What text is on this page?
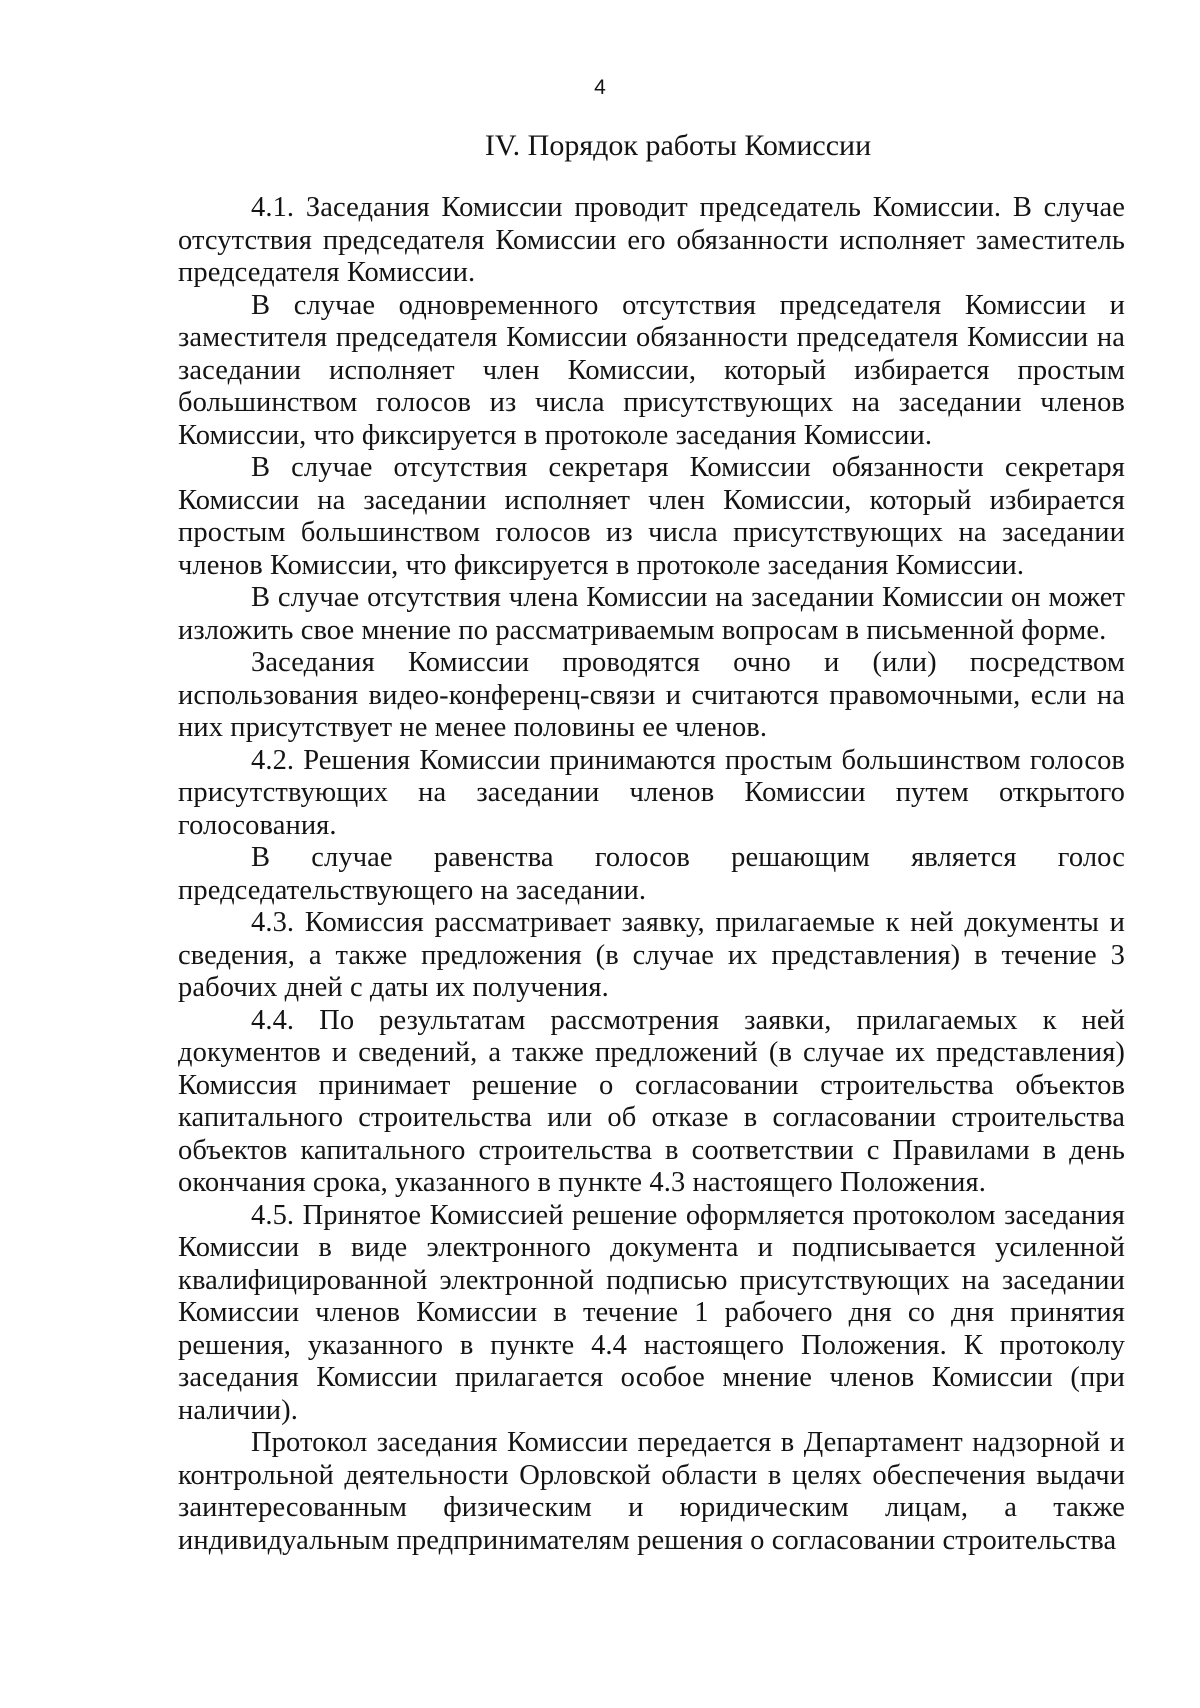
4
IV. Порядок работы Комиссии

4.1. Заседания Комиссии проводит председатель Комиссии. В случае отсутствия председателя Комиссии его обязанности исполняет заместитель председателя Комиссии.

В случае одновременного отсутствия председателя Комиссии и заместителя председателя Комиссии обязанности председателя Комиссии на заседании исполняет член Комиссии, который избирается простым большинством голосов из числа присутствующих на заседании членов Комиссии, что фиксируется в протоколе заседания Комиссии.

В случае отсутствия секретаря Комиссии обязанности секретаря Комиссии на заседании исполняет член Комиссии, который избирается простым большинством голосов из числа присутствующих на заседании членов Комиссии, что фиксируется в протоколе заседания Комиссии.

В случае отсутствия члена Комиссии на заседании Комиссии он может изложить свое мнение по рассматриваемым вопросам в письменной форме.

Заседания Комиссии проводятся очно и (или) посредством использования видео-конференц-связи и считаются правомочными, если на них присутствует не менее половины ее членов.

4.2. Решения Комиссии принимаются простым большинством голосов присутствующих на заседании членов Комиссии путем открытого голосования.

В случае равенства голосов решающим является голос председательствующего на заседании.

4.3. Комиссия рассматривает заявку, прилагаемые к ней документы и сведения, а также предложения (в случае их представления) в течение 3 рабочих дней с даты их получения.

4.4. По результатам рассмотрения заявки, прилагаемых к ней документов и сведений, а также предложений (в случае их представления) Комиссия принимает решение о согласовании строительства объектов капитального строительства или об отказе в согласовании строительства объектов капитального строительства в соответствии с Правилами в день окончания срока, указанного в пункте 4.3 настоящего Положения.

4.5. Принятое Комиссией решение оформляется протоколом заседания Комиссии в виде электронного документа и подписывается усиленной квалифицированной электронной подписью присутствующих на заседании Комиссии членов Комиссии в течение 1 рабочего дня со дня принятия решения, указанного в пункте 4.4 настоящего Положения. К протоколу заседания Комиссии прилагается особое мнение членов Комиссии (при наличии).

Протокол заседания Комиссии передается в Департамент надзорной и контрольной деятельности Орловской области в целях обеспечения выдачи заинтересованным физическим и юридическим лицам, а также индивидуальным предпринимателям решения о согласовании строительства
